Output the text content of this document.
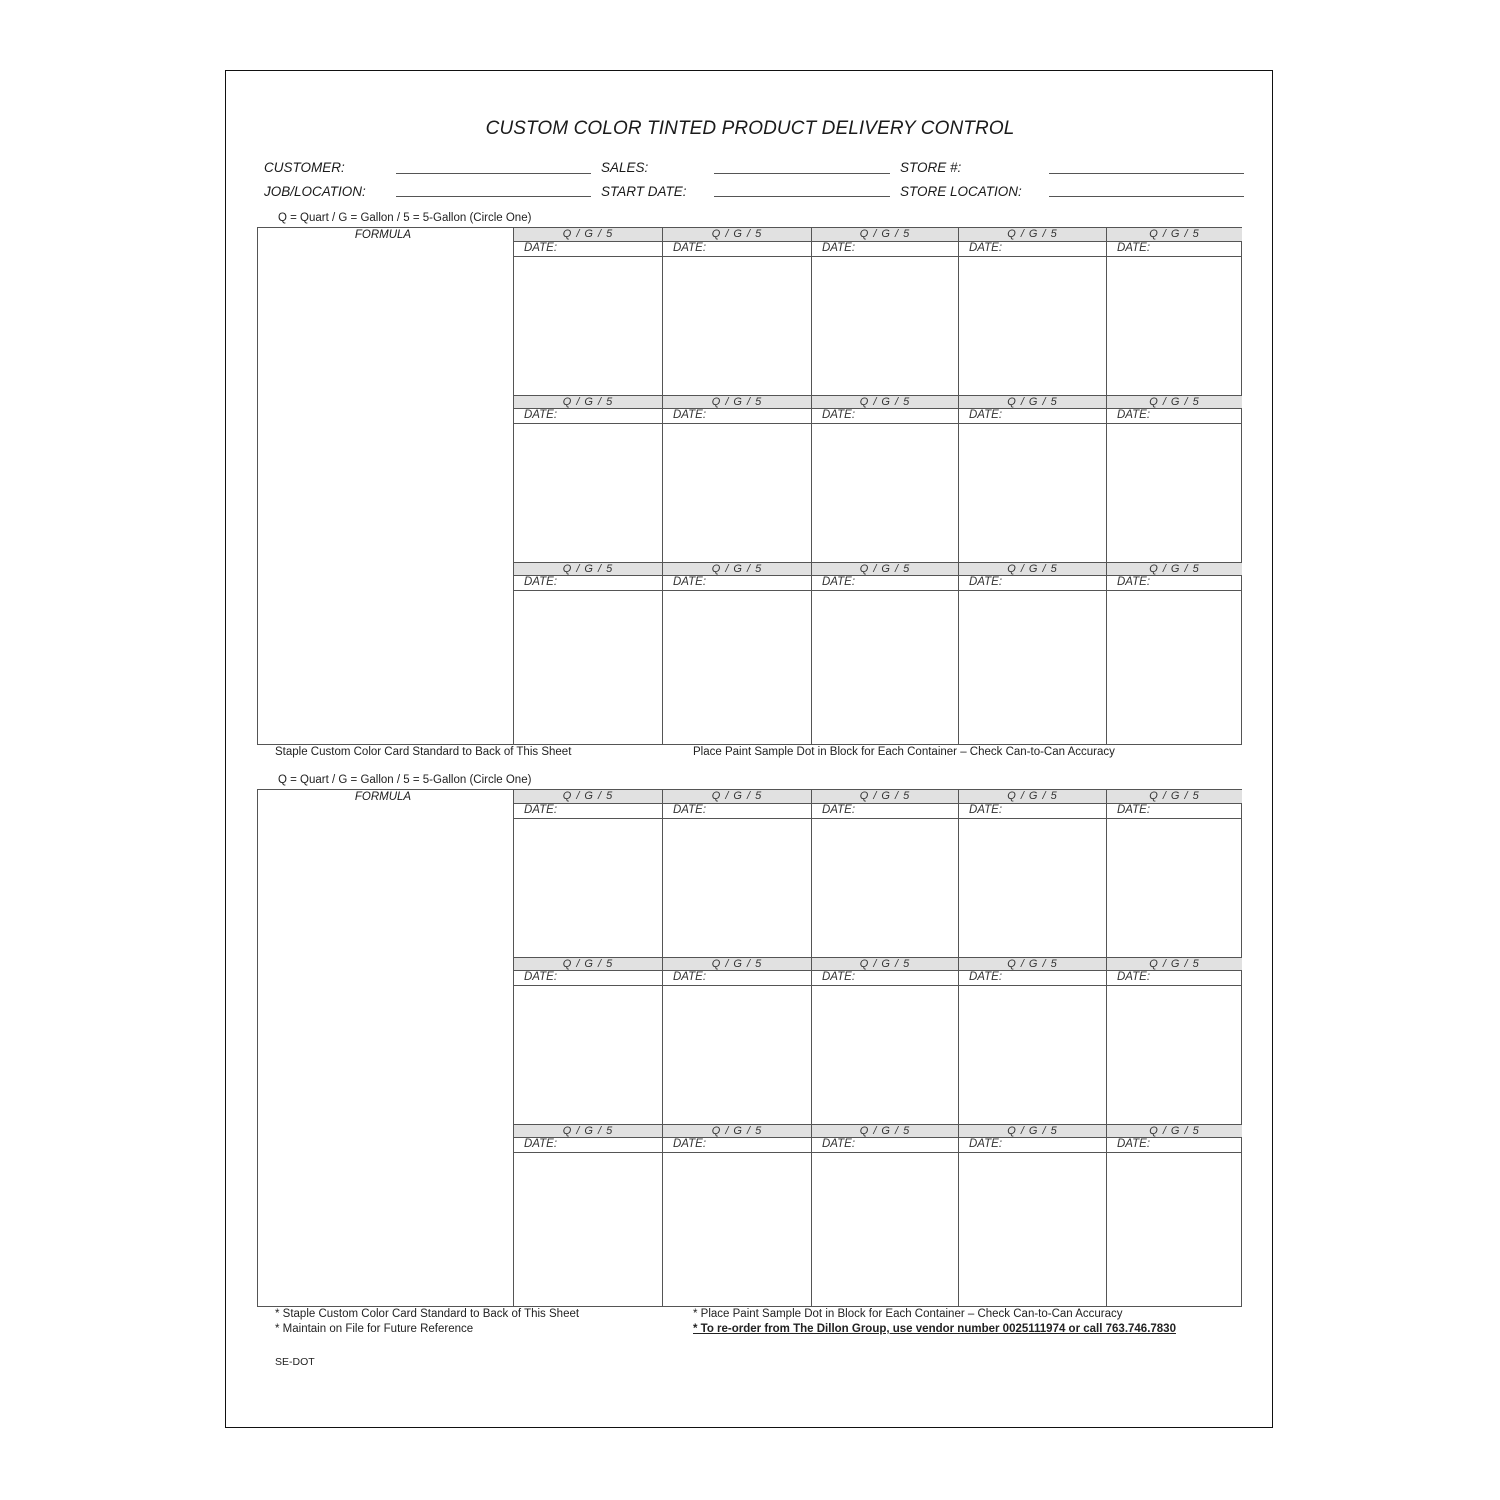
CUSTOM COLOR TINTED PRODUCT DELIVERY CONTROL
CUSTOMER:	SALES:	STORE #:
JOB/LOCATION:	START DATE:	STORE LOCATION:
Q = Quart / G = Gallon / 5 = 5-Gallon (Circle One)
FORMULA	Q / G / 5
DATE:
Q / G / 5
DATE:
Q / G / 5
DATE:
Q / G / 5
DATE:
Q / G / 5
DATE:
Q / G / 5
DATE:
Q / G / 5
DATE:
Q / G / 5
DATE:
Q / G / 5
DATE:
Q / G / 5
DATE:
Q / G / 5
DATE:
Q / G / 5
DATE:
Q / G / 5
DATE:
Q / G / 5
DATE:
Q / G / 5
DATE:
Staple Custom Color Card Standard to Back of This Sheet	Place Paint Sample Dot in Block for Each Container – Check Can-to-Can Accuracy
Q = Quart / G = Gallon / 5 = 5-Gallon (Circle One)
FORMULA	Q / G / 5
DATE:
Q / G / 5
DATE:
Q / G / 5
DATE:
Q / G / 5
DATE:
Q / G / 5
DATE:
Q / G / 5
DATE:
Q / G / 5
DATE:
Q / G / 5
DATE:
Q / G / 5
DATE:
Q / G / 5
DATE:
Q / G / 5
DATE:
Q / G / 5
DATE:
Q / G / 5
DATE:
Q / G / 5
DATE:
Q / G / 5
DATE:
* Staple Custom Color Card Standard to Back of This Sheet
* Maintain on File for Future Reference
* Place Paint Sample Dot in Block for Each Container – Check Can-to-Can Accuracy
* To re-order from The Dillon Group, use vendor number 0025111974 or call 763.746.7830
SE-DOT
